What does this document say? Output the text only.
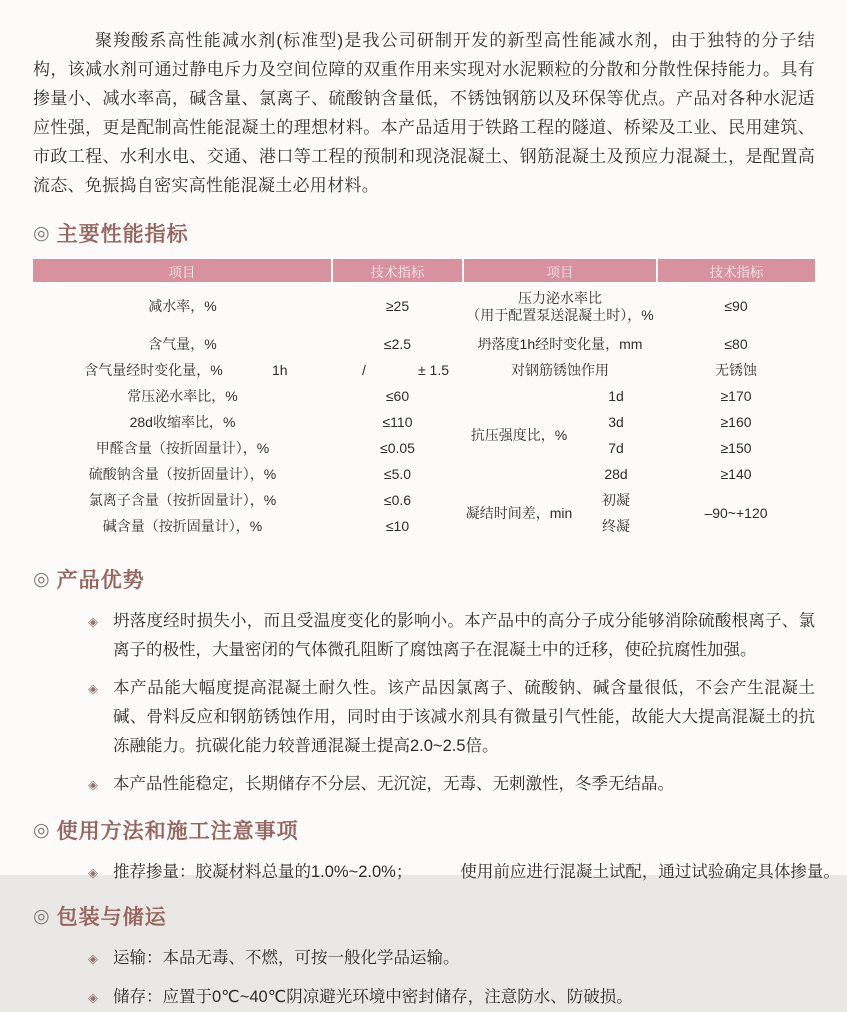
聚羧酸系高性能减水剂(标准型)是我公司研制开发的新型高性能减水剂，由于独特的分子结构，该减水剂可通过静电斥力及空间位障的双重作用来实现对水泥颗粒的分散和分散性保持能力。具有掺量小、减水率高，碱含量、氯离子、硫酸钠含量低，不锈蚀钢筋以及环保等优点。产品对各种水泥适应性强，更是配制高性能混凝土的理想材料。本产品适用于铁路工程的隧道、桥梁及工业、民用建筑、市政工程、水利水电、交通、港口等工程的预制和现浇混凝土、钢筋混凝土及预应力混凝土，是配置高流态、免振捣自密实高性能混凝土必用材料。

◎ 主要性能指标
项目	技术指标	项目		技术指标
减水率，%	≥25	压力泌水率比
（用于配置泵送混凝土时），%		≤90
含气量，%	≤2.5	坍落度1h经时变化量，mm		≤80

含气量经时变化量，% 1h	/ ± 1.5	对钢筋锈蚀作用		无锈蚀
常压泌水率比，%	≤60	抗压强度比，%	1d	≥170
28d收缩率比，%	≤110		3d	≥160
甲醛含量（按折固量计），%	≤0.05		7d	≥150
硫酸钠含量（按折固量计），%	≤5.0		28d	≥140
氯离子含量（按折固量计），%	≤0.6	凝结时间差，min	初凝	–90~+120
碱含量（按折固量计），%	≤10		终凝	
◎ 产品优势
◈ 坍落度经时损失小，而且受温度变化的影响小。本产品中的高分子成分能够消除硫酸根离子、氯离子的极性，大量密闭的气体微孔阻断了腐蚀离子在混凝土中的迁移，使砼抗腐性加强。
◈ 本产品能大幅度提高混凝土耐久性。该产品因氯离子、硫酸钠、碱含量很低，不会产生混凝土碱、骨料反应和钢筋锈蚀作用，同时由于该减水剂具有微量引气性能，故能大大提高混凝土的抗冻融能力。抗碳化能力较普通混凝土提高2.0~2.5倍。
◈ 本产品性能稳定，长期储存不分层、无沉淀，无毒、无刺激性，冬季无结晶。
◎ 使用方法和施工注意事项
◈ 推荐掺量：胶凝材料总量的1.0%~2.0%；	使用前应进行混凝土试配，通过试验确定具体掺量。
◎ 包装与储运
◈ 运输：本品无毒、不燃，可按一般化学品运输。
◈ 储存：应置于0℃~40℃阴凉避光环境中密封储存，注意防水、防破损。
